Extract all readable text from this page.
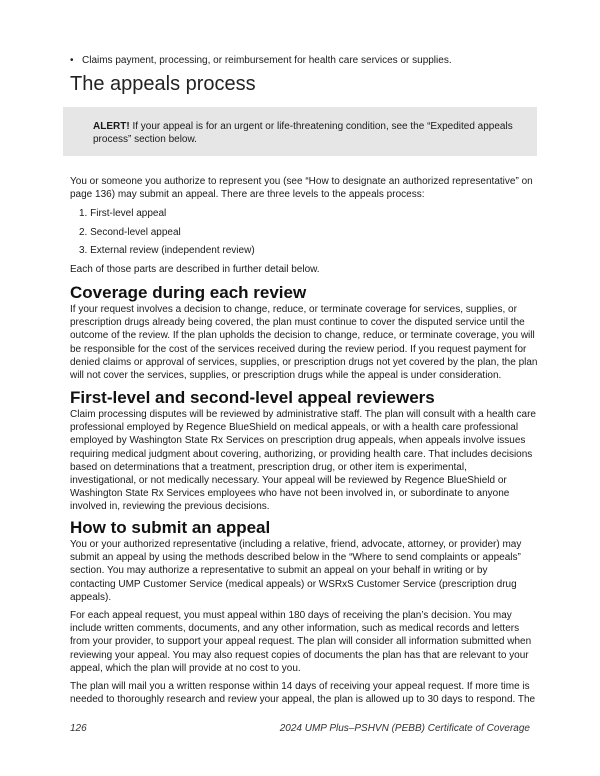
• Claims payment, processing, or reimbursement for health care services or supplies.
The appeals process
ALERT! If your appeal is for an urgent or life-threatening condition, see the “Expedited appeals
process” section below.
You or someone you authorize to represent you (see “How to designate an authorized representative” on
page 136) may submit an appeal. There are three levels to the appeals process:
1. First-level appeal
2. Second-level appeal
3. External review (independent review)
Each of those parts are described in further detail below.
Coverage during each review
If your request involves a decision to change, reduce, or terminate coverage for services, supplies, or
prescription drugs already being covered, the plan must continue to cover the disputed service until the
outcome of the review. If the plan upholds the decision to change, reduce, or terminate coverage, you will
be responsible for the cost of the services received during the review period. If you request payment for
denied claims or approval of services, supplies, or prescription drugs not yet covered by the plan, the plan
will not cover the services, supplies, or prescription drugs while the appeal is under consideration.
First-level and second-level appeal reviewers
Claim processing disputes will be reviewed by administrative staff. The plan will consult with a health care
professional employed by Regence BlueShield on medical appeals, or with a health care professional
employed by Washington State Rx Services on prescription drug appeals, when appeals involve issues
requiring medical judgment about covering, authorizing, or providing health care. That includes decisions
based on determinations that a treatment, prescription drug, or other item is experimental,
investigational, or not medically necessary. Your appeal will be reviewed by Regence BlueShield or
Washington State Rx Services employees who have not been involved in, or subordinate to anyone
involved in, reviewing the previous decisions.
How to submit an appeal
You or your authorized representative (including a relative, friend, advocate, attorney, or provider) may
submit an appeal by using the methods described below in the “Where to send complaints or appeals”
section. You may authorize a representative to submit an appeal on your behalf in writing or by
contacting UMP Customer Service (medical appeals) or WSRxS Customer Service (prescription drug
appeals).
For each appeal request, you must appeal within 180 days of receiving the plan’s decision. You may
include written comments, documents, and any other information, such as medical records and letters
from your provider, to support your appeal request. The plan will consider all information submitted when
reviewing your appeal. You may also request copies of documents the plan has that are relevant to your
appeal, which the plan will provide at no cost to you.
The plan will mail you a written response within 14 days of receiving your appeal request. If more time is
needed to thoroughly research and review your appeal, the plan is allowed up to 30 days to respond. The
126	2024 UMP Plus–PSHVN (PEBB) Certificate of Coverage
